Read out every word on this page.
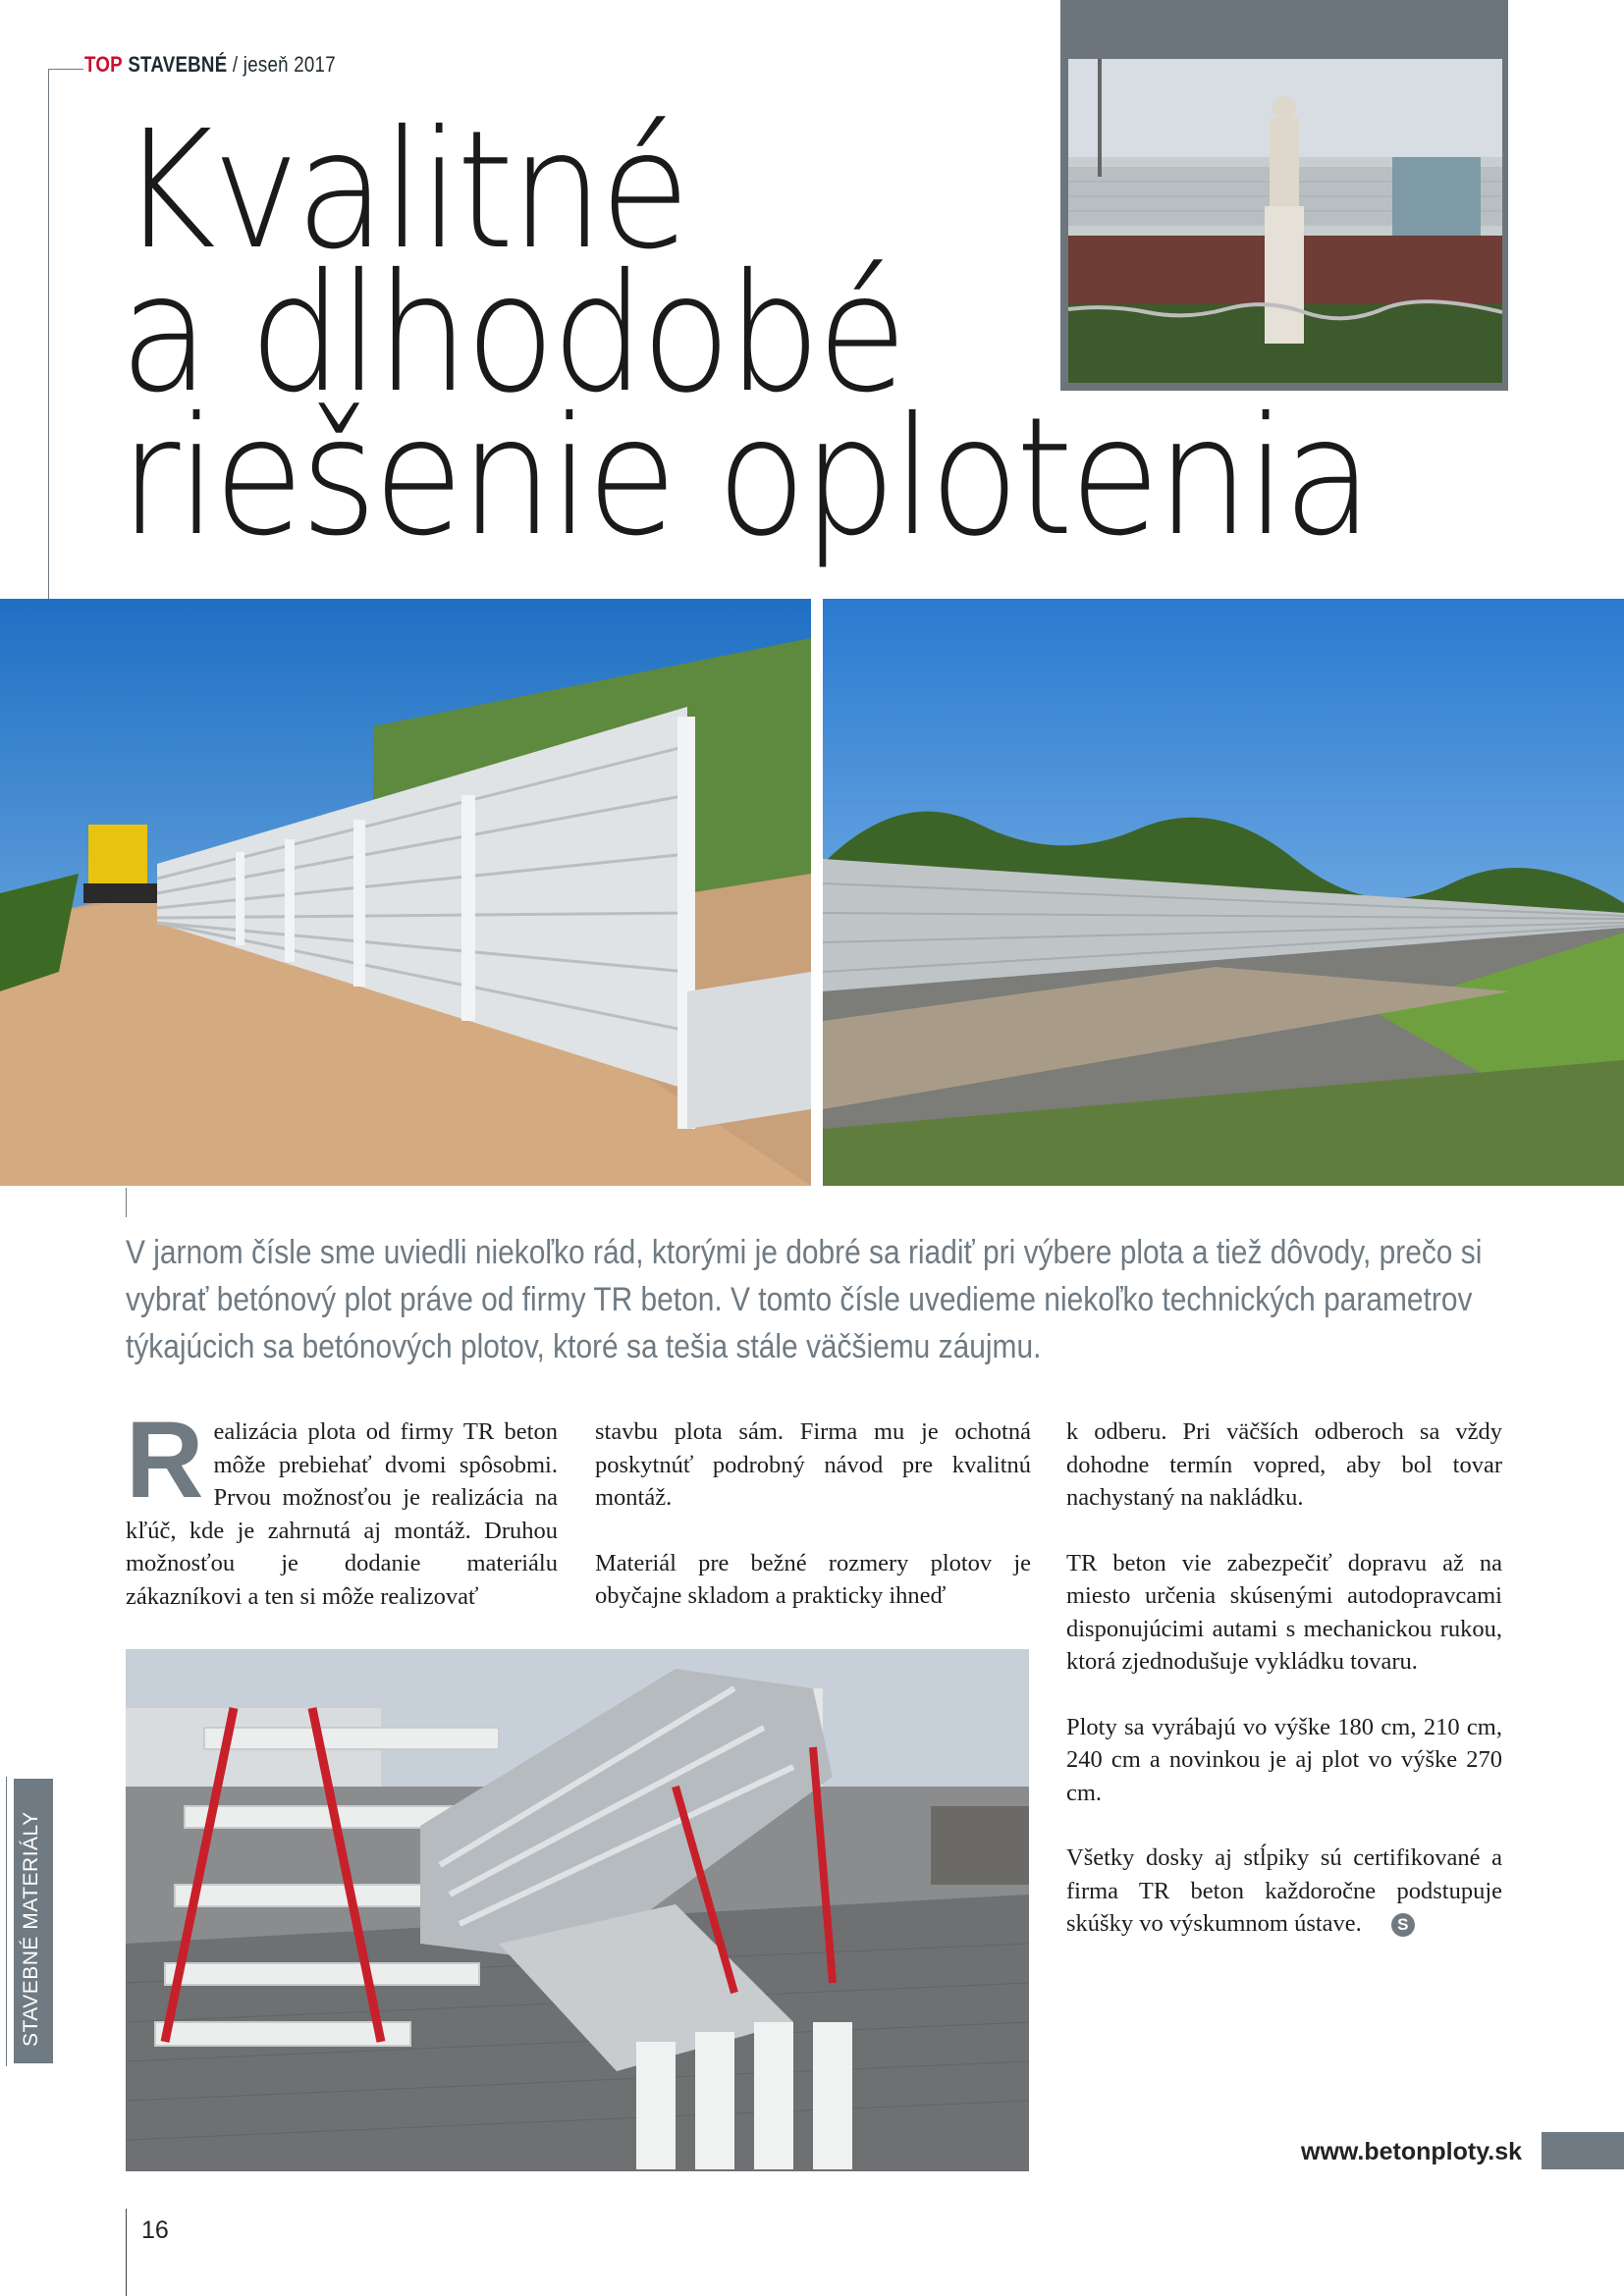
TOP STAVEBNÉ / jeseň 2017
Kvalitné
a dlhodobé
riešenie oplotenia
V jarnom čísle sme uviedli niekoľko rád, ktorými je dobré sa riadiť pri výbere plota a tiež dôvody, prečo si vybrať betónový plot práve od firmy TR beton. V tomto čísle uvedieme niekoľko technických parametrov týkajúcich sa betónových plotov, ktoré sa tešia stále väčšiemu záujmu.

Realizácia plota od firmy TR beton môže prebiehať dvomi spôsobmi. Prvou možnosťou je realizácia na kľúč, kde je zahrnutá aj montáž. Druhou možnosťou je dodanie materiálu zákazníkovi a ten si môže realizovať

stavbu plota sám. Firma mu je ochotná poskytnúť podrobný návod pre kvalitnú montáž.

Materiál pre bežné rozmery plotov je obyčajne skladom a prakticky ihneď

k odberu. Pri väčších odberoch sa vždy dohodne termín vopred, aby bol tovar nachystaný na nakládku.

TR beton vie zabezpečiť dopravu až na miesto určenia skúsenými autodopravcami disponujúcimi autami s mechanickou rukou, ktorá zjednodušuje vykládku tovaru.

Ploty sa vyrábajú vo výške 180 cm, 210 cm, 240 cm a novinkou je aj plot vo výške 270 cm.

Všetky dosky aj stĺpiky sú certifikované a firma TR beton každoročne podstupuje skúšky vo výskumnom ústave. S

STAVEBNÉ MATERIÁLY
www.betonploty.sk
16
